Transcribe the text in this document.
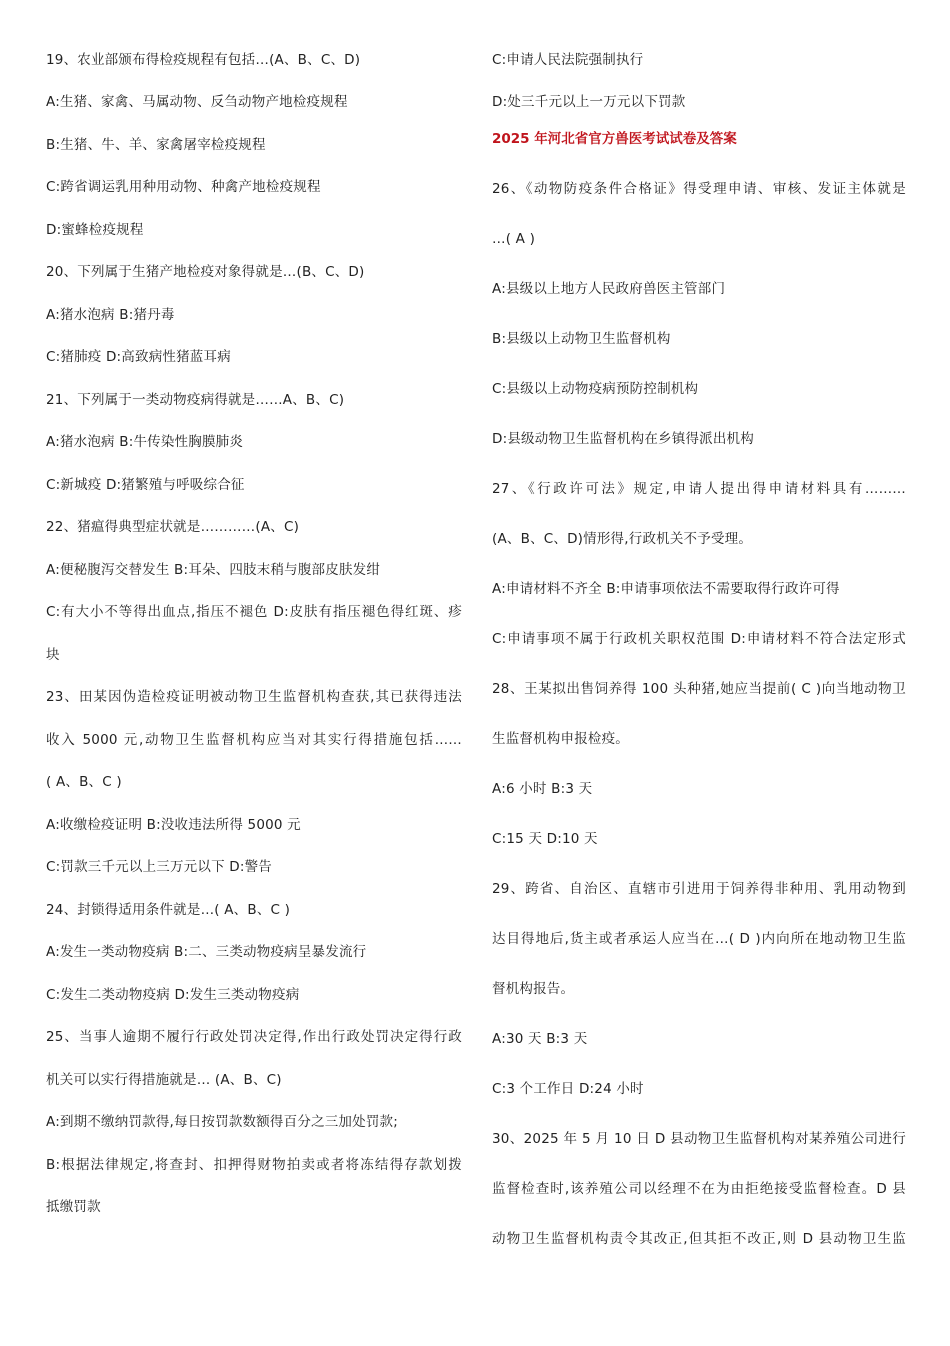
19、农业部颁布得检疫规程有包括…(A、B、C、D)
A:生猪、家禽、马属动物、反刍动物产地检疫规程
B:生猪、牛、羊、家禽屠宰检疫规程
C:跨省调运乳用种用动物、种禽产地检疫规程
D:蜜蜂检疫规程
20、下列属于生猪产地检疫对象得就是…(B、C、D)
A:猪水泡病 B:猪丹毒
C:猪肺疫 D:高致病性猪蓝耳病
21、下列属于一类动物疫病得就是……A、B、C)
A:猪水泡病 B:牛传染性胸膜肺炎
C:新城疫 D:猪繁殖与呼吸综合征
22、猪瘟得典型症状就是…………(A、C)
A:便秘腹泻交替发生 B:耳朵、四肢末稍与腹部皮肤发绀
C:有大小不等得出血点,指压不褪色 D:皮肤有指压褪色得红斑、疹
块
23、田某因伪造检疫证明被动物卫生监督机构查获,其已获得违法
收入 5000 元,动物卫生监督机构应当对其实行得措施包括……
( A、B、C )
A:收缴检疫证明 B:没收违法所得 5000 元
C:罚款三千元以上三万元以下 D:警告
24、封锁得适用条件就是…( A、B、C )
A:发生一类动物疫病 B:二、三类动物疫病呈暴发流行
C:发生二类动物疫病 D:发生三类动物疫病
25、当事人逾期不履行行政处罚决定得,作出行政处罚决定得行政
机关可以实行得措施就是… (A、B、C)
A:到期不缴纳罚款得,每日按罚款数额得百分之三加处罚款;
B:根据法律规定,将查封、扣押得财物拍卖或者将冻结得存款划拨
抵缴罚款
C:申请人民法院强制执行
D:处三千元以上一万元以下罚款
2025 年河北省官方兽医考试试卷及答案
26、《动物防疫条件合格证》得受理申请、审核、发证主体就是
…( A )
A:县级以上地方人民政府兽医主管部门
B:县级以上动物卫生监督机构
C:县级以上动物疫病预防控制机构
D:县级动物卫生监督机构在乡镇得派出机构
27、《行政许可法》规定,申请人提出得申请材料具有………
(A、B、C、D)情形得,行政机关不予受理。
A:申请材料不齐全 B:申请事项依法不需要取得行政许可得
C:申请事项不属于行政机关职权范围 D:申请材料不符合法定形式
28、王某拟出售饲养得 100 头种猪,她应当提前( C )向当地动物卫
生监督机构申报检疫。
A:6 小时 B:3 天
C:15 天 D:10 天
29、跨省、自治区、直辖市引进用于饲养得非种用、乳用动物到
达目得地后,货主或者承运人应当在…( D )内向所在地动物卫生监
督机构报告。
A:30 天 B:3 天
C:3 个工作日 D:24 小时
30、2025 年 5 月 10 日 D 县动物卫生监督机构对某养殖公司进行
监督检查时,该养殖公司以经理不在为由拒绝接受监督检查。D 县
动物卫生监督机构责令其改正,但其拒不改正,则 D 县动物卫生监
